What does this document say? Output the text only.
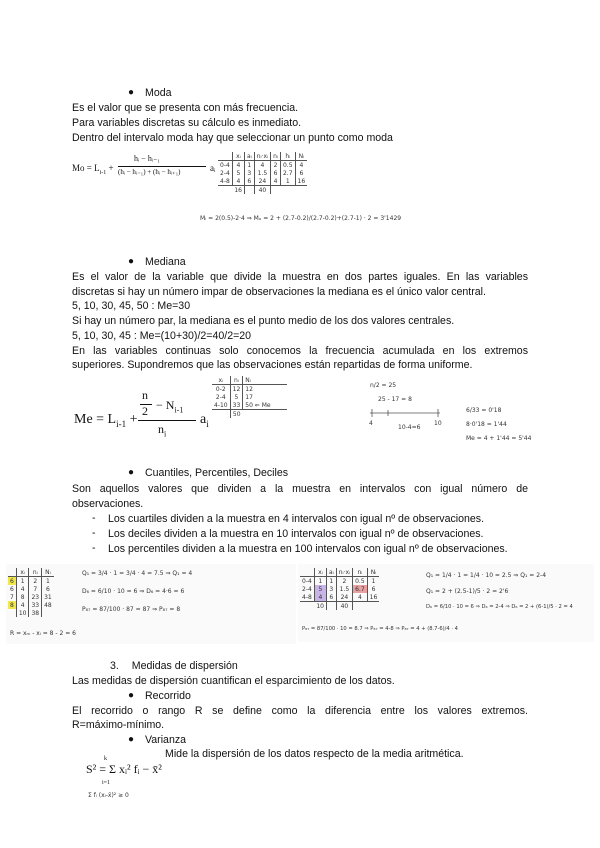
● Moda
Es el valor que se presenta con más frecuencia.
Para variables discretas su cálculo es inmediato.
Dentro del intervalo moda hay que seleccionar un punto como moda
$Mo = L_{i-1}$ +
hᵢ − hᵢ₋₁
(hᵢ − hᵢ₋₁) + (hᵢ − hᵢ₊₁)	aᵢ
	xᵢ	aᵢ	nᵢ·xᵢ	nᵢ	hᵢ	Nᵢ
0-4	4	1	4	2	0.5	4
2-4	5	3	1.5	6	2.7	6
4-8	4	6	24	4	1	16
	16		40			
Mᵢ = 2(0.5)-2·4 ⇒ Mₒ = 2 + (2.7-0.2)/(2.7-0.2)+(2.7-1) · 2 = 3'1429
● Mediana
Es el valor de la variable que divide la muestra en dos partes iguales. En las variables
discretas si hay un número impar de observaciones la mediana es el único valor central.
5, 10, 30, 45, 50 : Me=30
Si hay un número par, la mediana es el punto medio de los dos valores centrales.
5, 10, 30, 45 : Me=(10+30)/2=40/2=20
En las variables continuas solo conocemos la frecuencia acumulada en los extremos
superiores. Supondremos que las observaciones están repartidas de forma uniforme.
$Me = L_{i-1}$ +
n
$2 - N_{i-1}$
$n_i$
$a_i$
xᵢ	nᵢ	Nᵢ
0-2	12	12
2-4	5	17
4-10	33	50 ⇐ Me
	50	
n/2 = 25
25 - 17 = 8
4	10
10-4=6
6/33 = 0'18
8·0'18 = 1'44
Me = 4 + 1'44 = 5'44
● Cuantiles, Percentiles, Deciles
Son aquellos valores que dividen a la muestra en intervalos con igual número de
observaciones.
- Los cuartiles dividen a la muestra en 4 intervalos con igual nº de observaciones.
- Los deciles dividen a la muestra en 10 intervalos con igual nº de observaciones.
- Los percentiles dividen a la muestra en 100 intervalos con igual nº de observaciones.
	xᵢ	nᵢ	Nᵢ
6	1	2	1
6	4	7	6
7	8	23	31
8	4	33	48
	10	38	
Q₁ = 3/4 · 1 = 3/4 · 4 = 7.5 ⇒ Q₁ = 4
D₆ = 6/10 · 10 = 6 ⇒ D₆ = 4·6 = 6
P₈₇ = 87/100 · 87 = 87 ⇒ P₈₇ = 8
R = xₘ - xₗ = 8 - 2 = 6
	xᵢ	aᵢ	nᵢ·xᵢ	nᵢ	Nᵢ
0-4	1	1	2	0.5	1
2-4	5	3	1.5	6.7	6
4-8	4	6	24	4	16
	10		40		
Q₁ = 1/4 · 1 = 1/4 · 10 = 2.5 ⇒ Q₁ = 2-4
Q₁ = 2 + (2.5-1)/5 · 2 = 2'6
D₆ = 6/10 · 10 = 6 ⇒ D₆ = 2-4 ⇒ D₆ = 2 + (6-1)/5 · 2 = 4
P₈₇ = 87/100 · 10 = 8.7 ⇒ P₈₇ = 4-8 ⇒ P₈₇ = 4 + (8.7-6)/4 · 4
3. Medidas de dispersión
Las medidas de dispersión cuantifican el esparcimiento de los datos.
● Recorrido
El recorrido o rango R se define como la diferencia entre los valores extremos.
R=máximo-mínimo.
● Varianza
Mide la dispersión de los datos respecto de la media aritmética.
k
S² = Σ xᵢ² fᵢ − x̄²
i=1
Σ fᵢ (xᵢ-x̄)² ≥ 0
